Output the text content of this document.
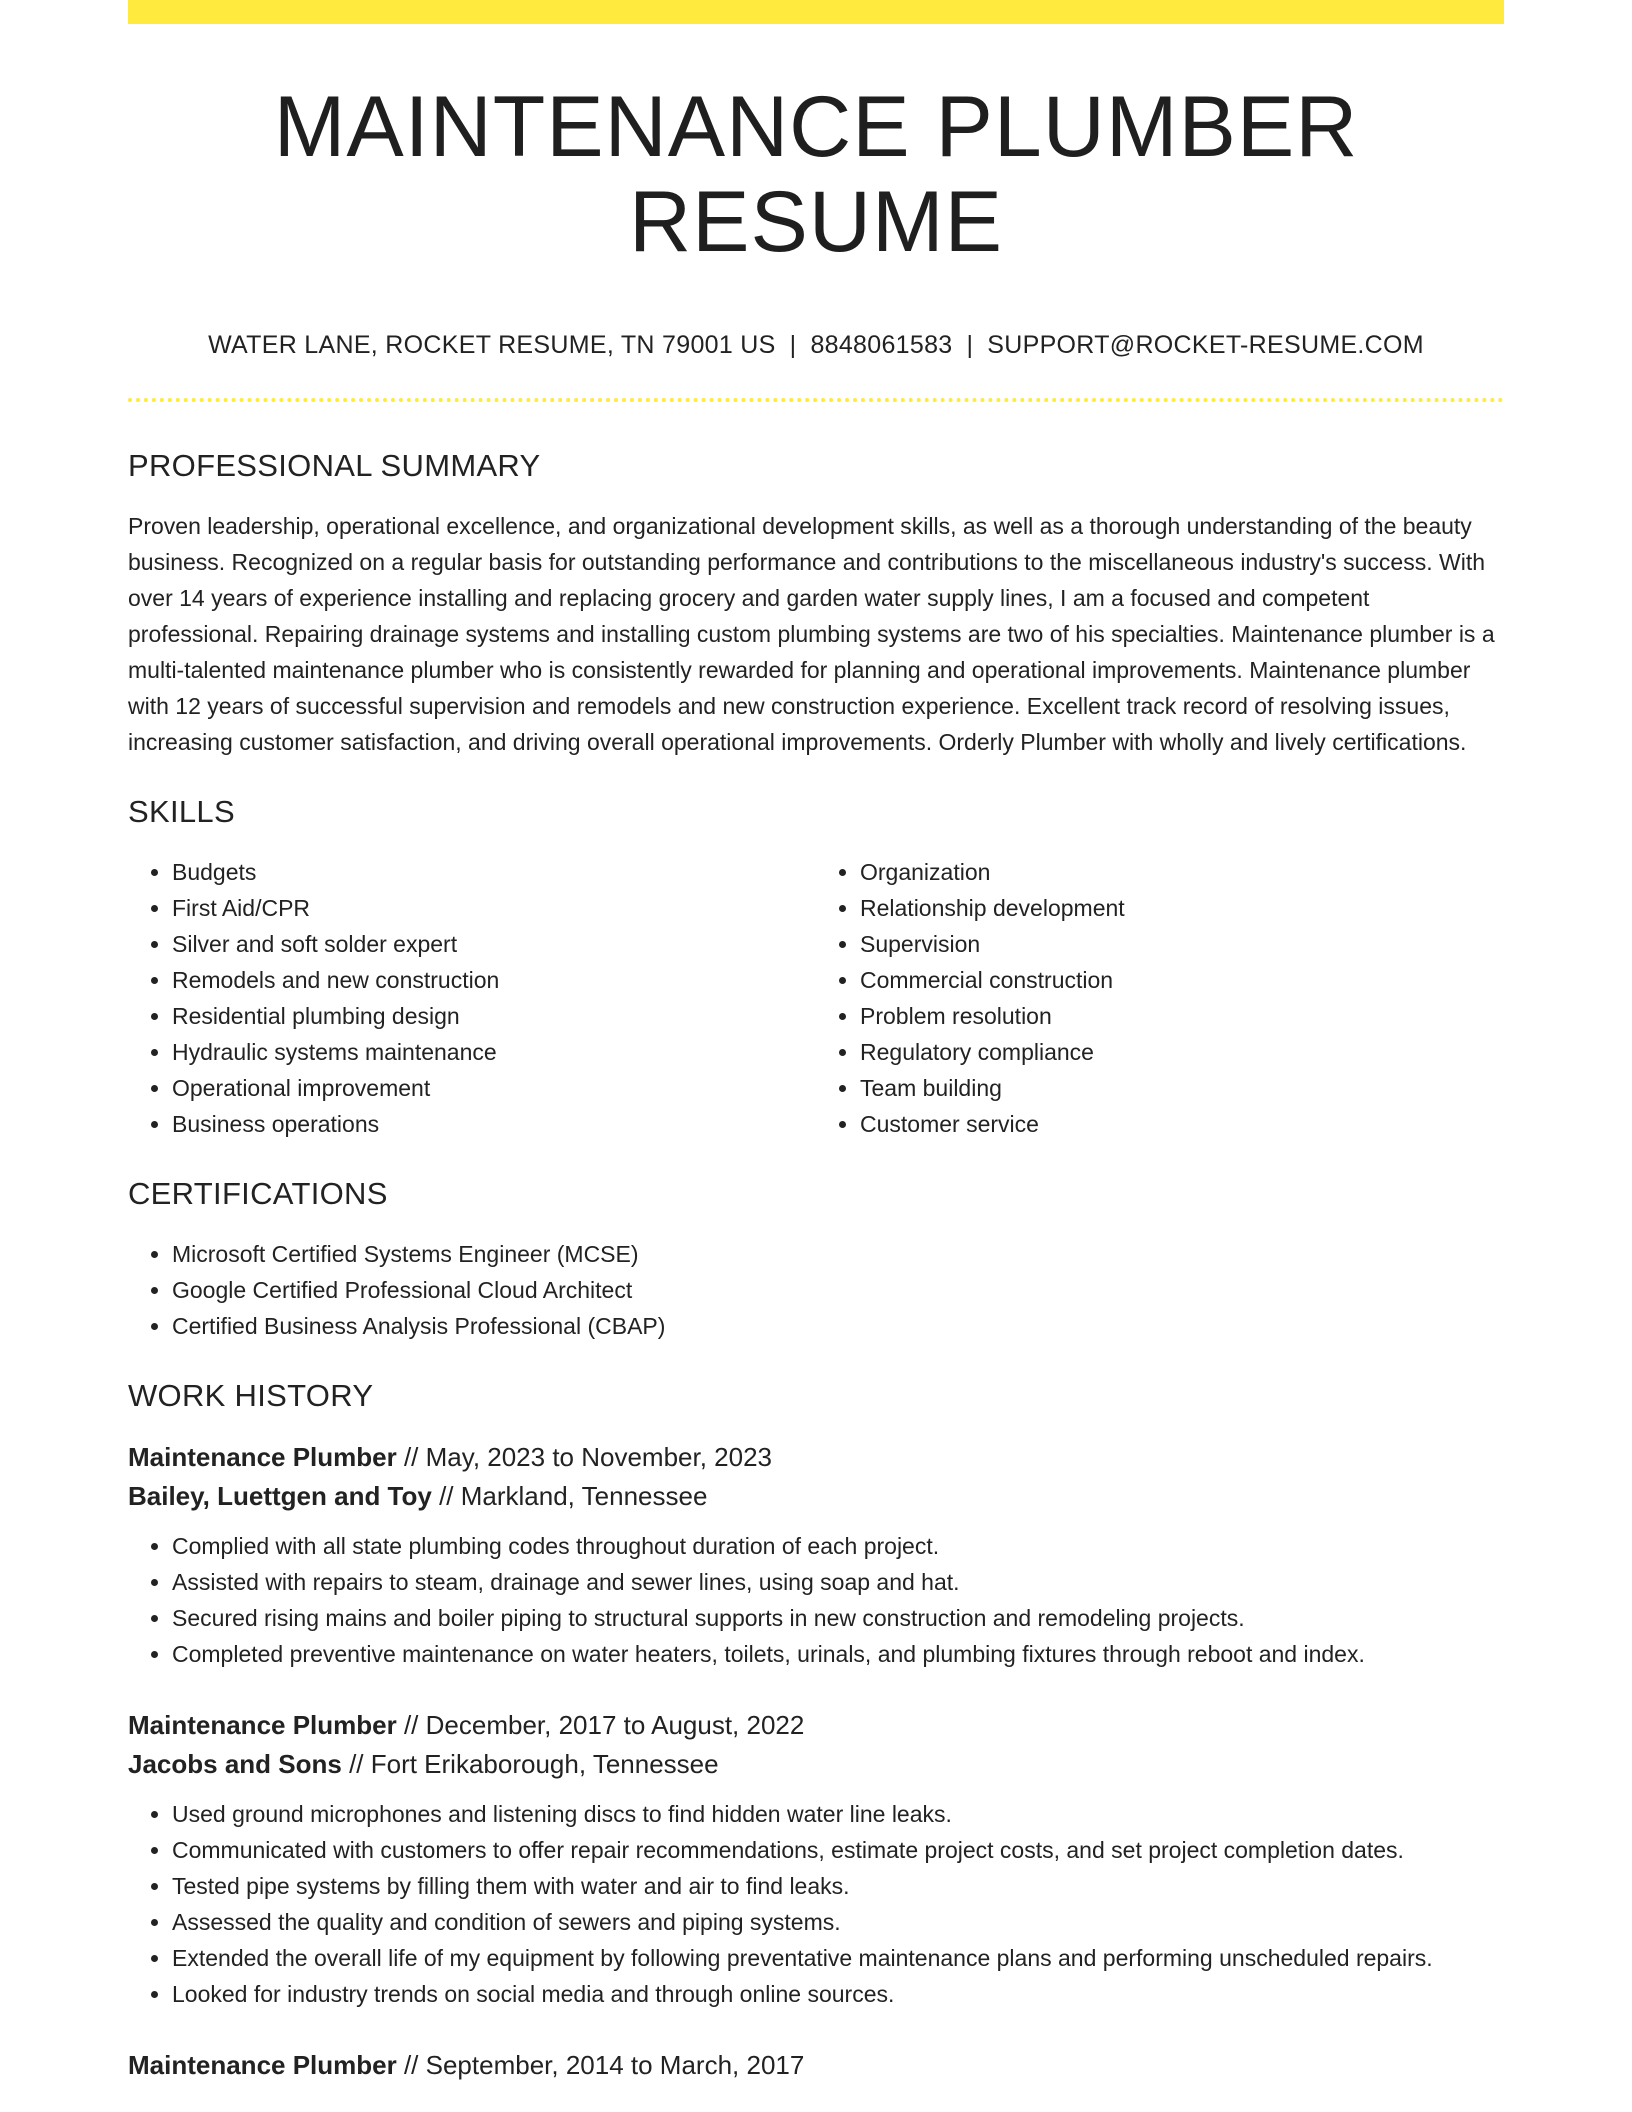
MAINTENANCE PLUMBER RESUME
WATER LANE, ROCKET RESUME, TN 79001 US | 8848061583 | SUPPORT@ROCKET-RESUME.COM
PROFESSIONAL SUMMARY
Proven leadership, operational excellence, and organizational development skills, as well as a thorough understanding of the beauty business. Recognized on a regular basis for outstanding performance and contributions to the miscellaneous industry's success. With over 14 years of experience installing and replacing grocery and garden water supply lines, I am a focused and competent professional. Repairing drainage systems and installing custom plumbing systems are two of his specialties. Maintenance plumber is a multi-talented maintenance plumber who is consistently rewarded for planning and operational improvements. Maintenance plumber with 12 years of successful supervision and remodels and new construction experience. Excellent track record of resolving issues, increasing customer satisfaction, and driving overall operational improvements. Orderly Plumber with wholly and lively certifications.
SKILLS
• Budgets
• First Aid/CPR
• Silver and soft solder expert
• Remodels and new construction
• Residential plumbing design
• Hydraulic systems maintenance
• Operational improvement
• Business operations
• Organization
• Relationship development
• Supervision
• Commercial construction
• Problem resolution
• Regulatory compliance
• Team building
• Customer service
CERTIFICATIONS
• Microsoft Certified Systems Engineer (MCSE)
• Google Certified Professional Cloud Architect
• Certified Business Analysis Professional (CBAP)
WORK HISTORY
Maintenance Plumber // May, 2023 to November, 2023
Bailey, Luettgen and Toy // Markland, Tennessee
• Complied with all state plumbing codes throughout duration of each project.
• Assisted with repairs to steam, drainage and sewer lines, using soap and hat.
• Secured rising mains and boiler piping to structural supports in new construction and remodeling projects.
• Completed preventive maintenance on water heaters, toilets, urinals, and plumbing fixtures through reboot and index.
Maintenance Plumber // December, 2017 to August, 2022
Jacobs and Sons // Fort Erikaborough, Tennessee
• Used ground microphones and listening discs to find hidden water line leaks.
• Communicated with customers to offer repair recommendations, estimate project costs, and set project completion dates.
• Tested pipe systems by filling them with water and air to find leaks.
• Assessed the quality and condition of sewers and piping systems.
• Extended the overall life of my equipment by following preventative maintenance plans and performing unscheduled repairs.
• Looked for industry trends on social media and through online sources.
Maintenance Plumber // September, 2014 to March, 2017
